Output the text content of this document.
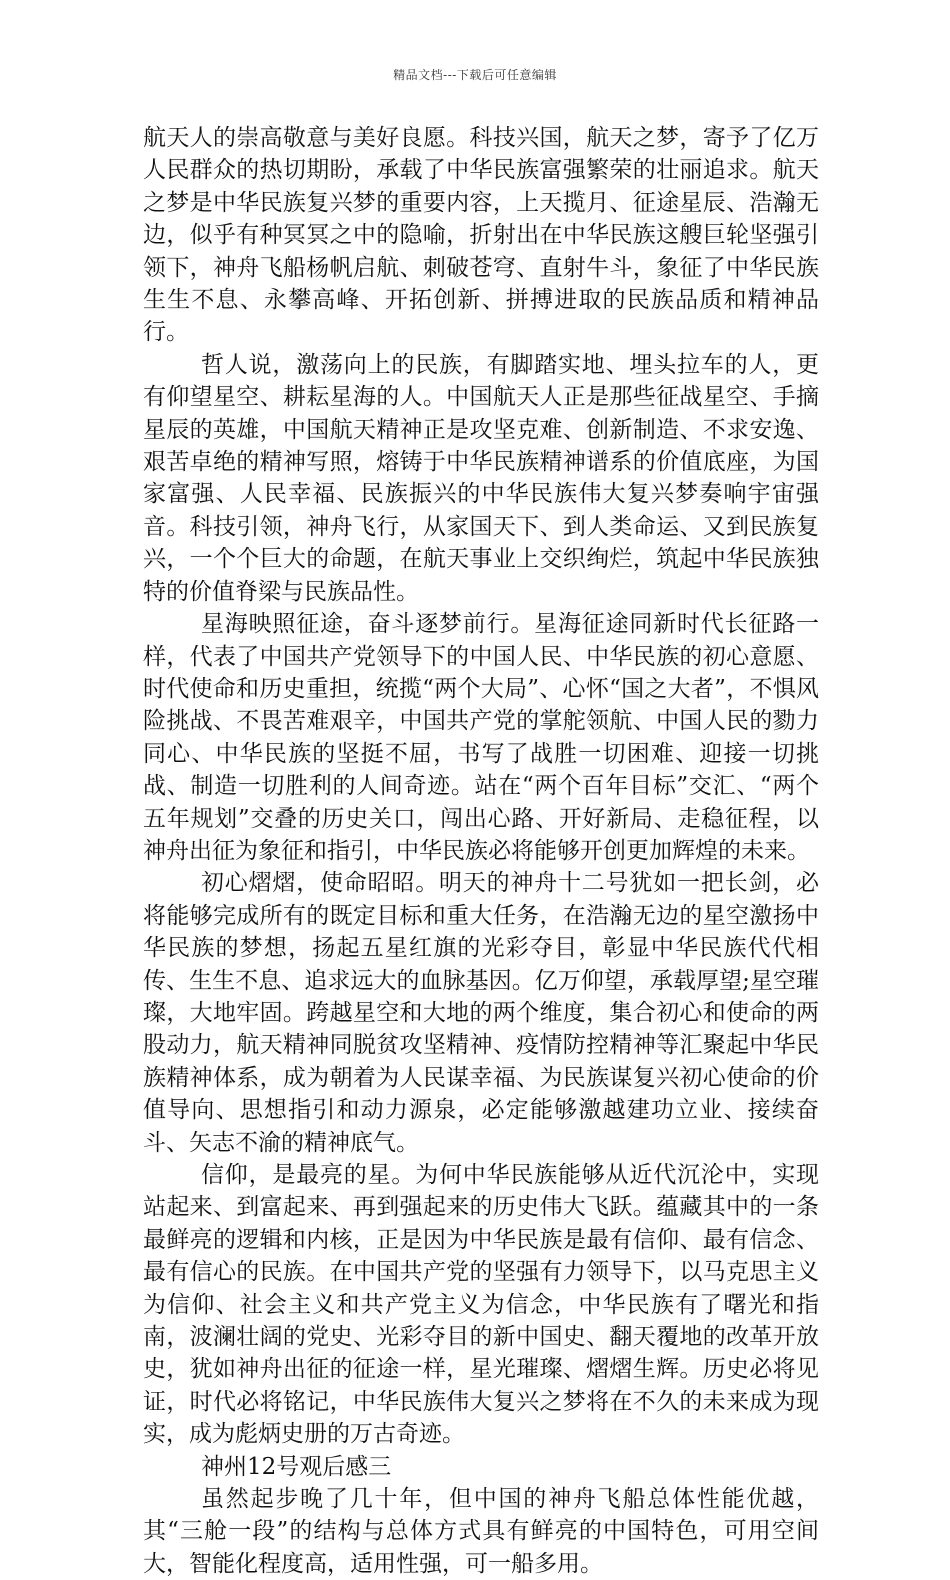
精品文档---下载后可任意编辑

航天人的崇高敬意与美好良愿。科技兴国，航天之梦，寄予了亿万人民群众的热切期盼，承载了中华民族富强繁荣的壮丽追求。航天之梦是中华民族复兴梦的重要内容，上天揽月、征途星辰、浩瀚无边，似乎有种冥冥之中的隐喻，折射出在中华民族这艘巨轮坚强引领下，神舟飞船杨帆启航、刺破苍穹、直射牛斗，象征了中华民族生生不息、永攀高峰、开拓创新、拼搏进取的民族品质和精神品行。

哲人说，激荡向上的民族，有脚踏实地、埋头拉车的人，更有仰望星空、耕耘星海的人。中国航天人正是那些征战星空、手摘星辰的英雄，中国航天精神正是攻坚克难、创新制造、不求安逸、艰苦卓绝的精神写照，熔铸于中华民族精神谱系的价值底座，为国家富强、人民幸福、民族振兴的中华民族伟大复兴梦奏响宇宙强音。科技引领，神舟飞行，从家国天下、到人类命运、又到民族复兴，一个个巨大的命题，在航天事业上交织绚烂，筑起中华民族独特的价值脊梁与民族品性。

星海映照征途，奋斗逐梦前行。星海征途同新时代长征路一样，代表了中国共产党领导下的中国人民、中华民族的初心意愿、时代使命和历史重担，统揽“两个大局”、心怀“国之大者”，不惧风险挑战、不畏苦难艰辛，中国共产党的掌舵领航、中国人民的勠力同心、中华民族的坚挺不屈，书写了战胜一切困难、迎接一切挑战、制造一切胜利的人间奇迹。站在“两个百年目标”交汇、“两个五年规划”交叠的历史关口，闯出心路、开好新局、走稳征程，以神舟出征为象征和指引，中华民族必将能够开创更加辉煌的未来。

初心熠熠，使命昭昭。明天的神舟十二号犹如一把长剑，必将能够完成所有的既定目标和重大任务，在浩瀚无边的星空激扬中华民族的梦想，扬起五星红旗的光彩夺目，彰显中华民族代代相传、生生不息、追求远大的血脉基因。亿万仰望，承载厚望;星空璀璨，大地牢固。跨越星空和大地的两个维度，集合初心和使命的两股动力，航天精神同脱贫攻坚精神、疫情防控精神等汇聚起中华民族精神体系，成为朝着为人民谋幸福、为民族谋复兴初心使命的价值导向、思想指引和动力源泉，必定能够激越建功立业、接续奋斗、矢志不渝的精神底气。

信仰，是最亮的星。为何中华民族能够从近代沉沦中，实现站起来、到富起来、再到强起来的历史伟大飞跃。蕴藏其中的一条最鲜亮的逻辑和内核，正是因为中华民族是最有信仰、最有信念、最有信心的民族。在中国共产党的坚强有力领导下，以马克思主义为信仰、社会主义和共产党主义为信念，中华民族有了曙光和指南，波澜壮阔的党史、光彩夺目的新中国史、翻天覆地的改革开放史，犹如神舟出征的征途一样，星光璀璨、熠熠生辉。历史必将见证，时代必将铭记，中华民族伟大复兴之梦将在不久的未来成为现实，成为彪炳史册的万古奇迹。

神州12号观后感三

虽然起步晚了几十年，但中国的神舟飞船总体性能优越，其“三舱一段”的结构与总体方式具有鲜亮的中国特色，可用空间大，智能化程度高，适用性强，可一船多用。
